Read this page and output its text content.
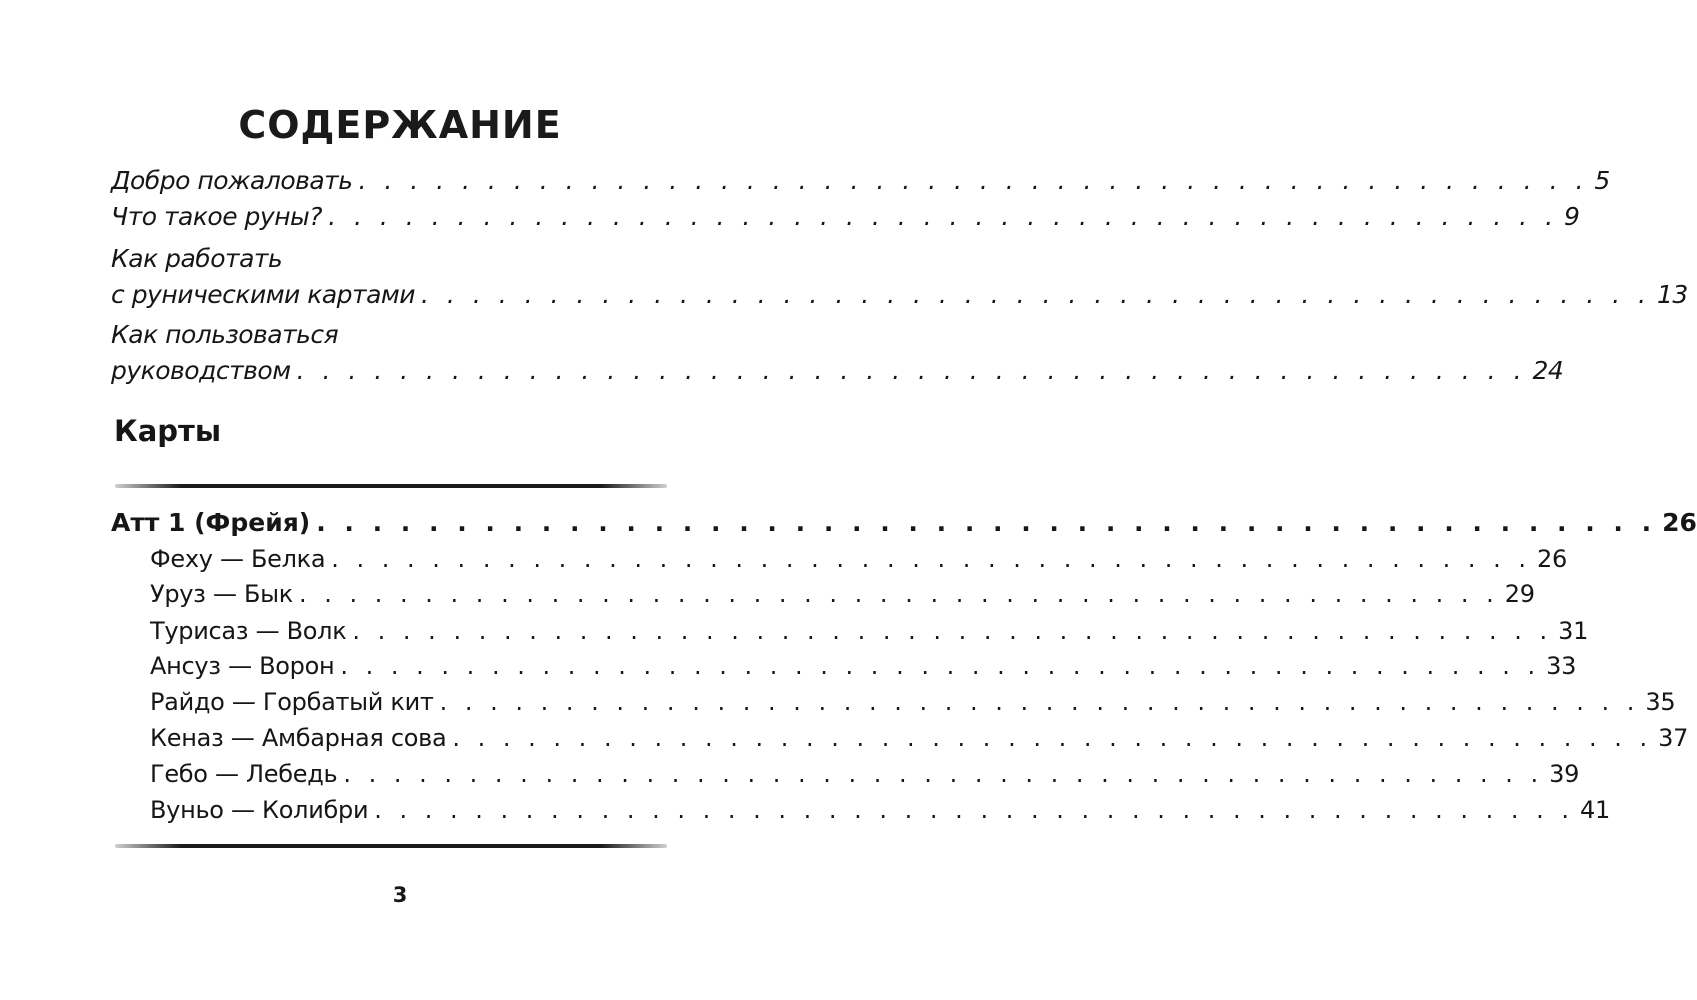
СОДЕРЖАНИЕ
Добро пожаловать . . . . . . . . . . . . . . . . . . . . . . . . . . . . . . . . . . . . . . . . . . . . . . . . 5
Что такое руны? . . . . . . . . . . . . . . . . . . . . . . . . . . . . . . . . . . . . . . . . . . . . . . . . 9
Как работать
с руническими картами . . . . . . . . . . . . . . . . . . . . . . . . . . . . . . . . . . . . . . . . . . . . . . . . 13
Как пользоваться
руководством . . . . . . . . . . . . . . . . . . . . . . . . . . . . . . . . . . . . . . . . . . . . . . . . 24
Карты
Атт 1 (Фрейя) . . . . . . . . . . . . . . . . . . . . . . . . . . . . . . . . . . . . . . . . . . . . . . . . 26
Феху — Белка . . . . . . . . . . . . . . . . . . . . . . . . . . . . . . . . . . . . . . . . . . . . . . . . 26
Уруз — Бык . . . . . . . . . . . . . . . . . . . . . . . . . . . . . . . . . . . . . . . . . . . . . . . . 29
Турисаз — Волк . . . . . . . . . . . . . . . . . . . . . . . . . . . . . . . . . . . . . . . . . . . . . . . . 31
Ансуз — Ворон . . . . . . . . . . . . . . . . . . . . . . . . . . . . . . . . . . . . . . . . . . . . . . . . 33
Райдо — Горбатый кит . . . . . . . . . . . . . . . . . . . . . . . . . . . . . . . . . . . . . . . . . . . . . . . . 35
Кеназ — Амбарная сова . . . . . . . . . . . . . . . . . . . . . . . . . . . . . . . . . . . . . . . . . . . . . . . . 37
Гебо — Лебедь . . . . . . . . . . . . . . . . . . . . . . . . . . . . . . . . . . . . . . . . . . . . . . . . 39
Вуньо — Колибри . . . . . . . . . . . . . . . . . . . . . . . . . . . . . . . . . . . . . . . . . . . . . . . . 41
3
